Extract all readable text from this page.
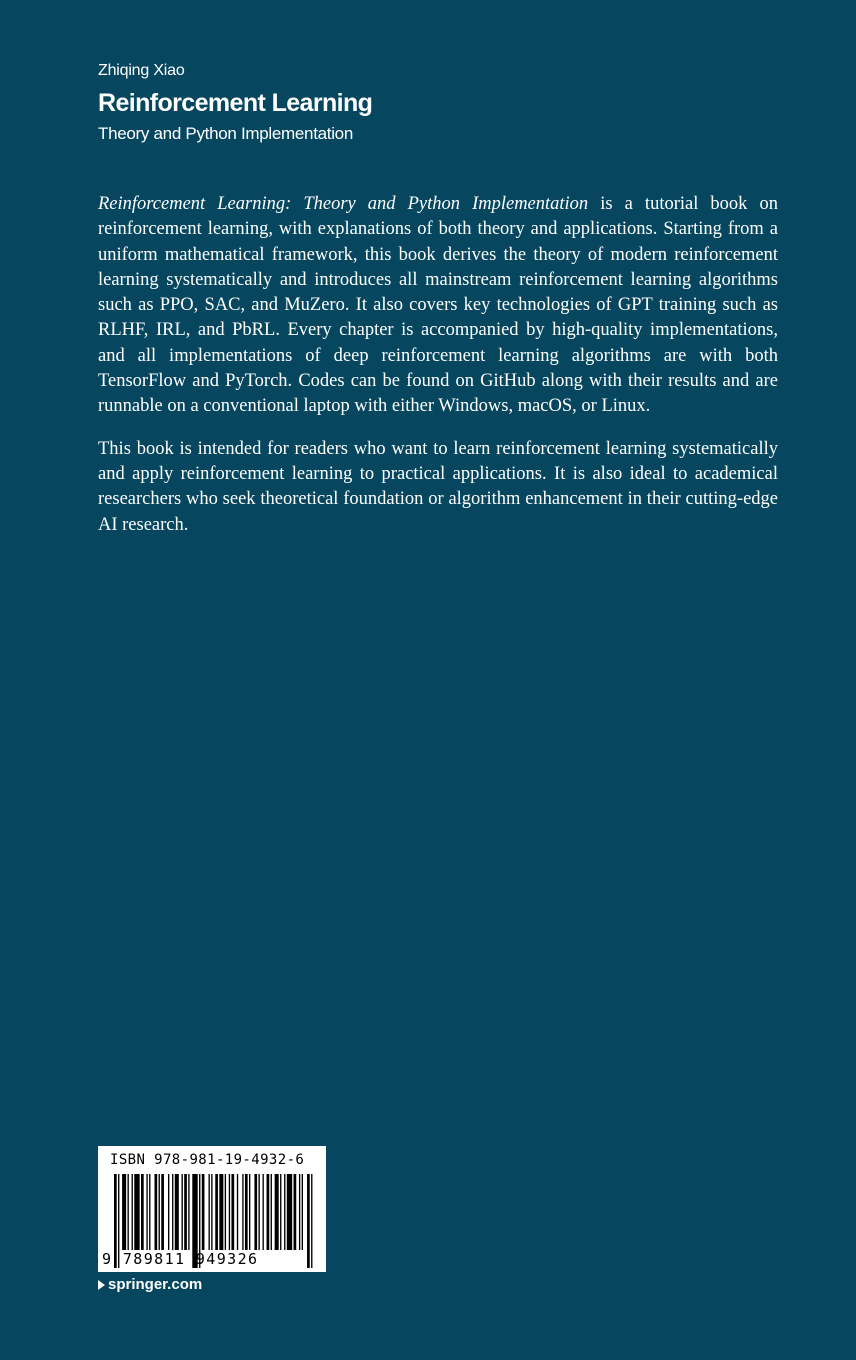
Zhiqing Xiao
Reinforcement Learning
Theory and Python Implementation

Reinforcement Learning: Theory and Python Implementation is a tutorial book on reinforcement learning, with explanations of both theory and applications. Starting from a uniform mathematical framework, this book derives the theory of modern reinforcement learning systematically and introduces all mainstream reinforcement learning algorithms such as PPO, SAC, and MuZero. It also covers key technologies of GPT training such as RLHF, IRL, and PbRL. Every chapter is accompanied by high-quality implementations, and all implementations of deep reinforcement learning algorithms are with both TensorFlow and PyTorch. Codes can be found on GitHub along with their results and are runnable on a conventional laptop with either Windows, macOS, or Linux.

This book is intended for readers who want to learn reinforcement learning systematically and apply reinforcement learning to practical applications. It is also ideal to academical researchers who seek theoretical foundation or algorithm enhancement in their cutting-edge AI research.

ISBN 978-981-19-4932-6
9 789811 949326
springer.com
